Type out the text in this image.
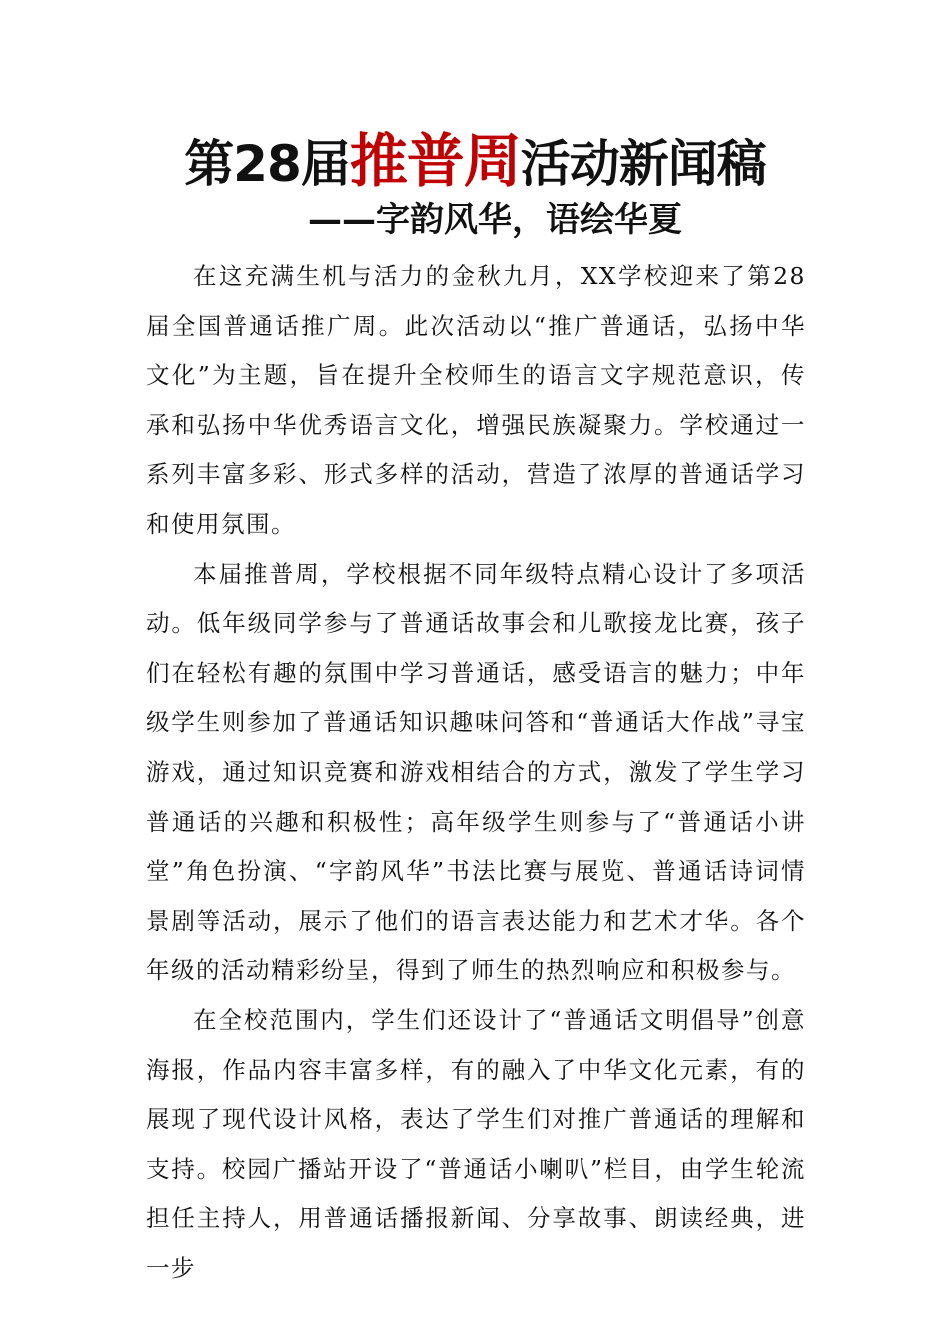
第28届推普周活动新闻稿
——字韵风华，语绘华夏

在这充满生机与活力的金秋九月，XX学校迎来了第28届全国普通话推广周。此次活动以“推广普通话，弘扬中华文化”为主题，旨在提升全校师生的语言文字规范意识，传承和弘扬中华优秀语言文化，增强民族凝聚力。学校通过一系列丰富多彩、形式多样的活动，营造了浓厚的普通话学习和使用氛围。

本届推普周，学校根据不同年级特点精心设计了多项活动。低年级同学参与了普通话故事会和儿歌接龙比赛，孩子们在轻松有趣的氛围中学习普通话，感受语言的魅力；中年级学生则参加了普通话知识趣味问答和“普通话大作战”寻宝游戏，通过知识竞赛和游戏相结合的方式，激发了学生学习普通话的兴趣和积极性；高年级学生则参与了“普通话小讲堂”角色扮演、“字韵风华”书法比赛与展览、普通话诗词情景剧等活动，展示了他们的语言表达能力和艺术才华。各个年级的活动精彩纷呈，得到了师生的热烈响应和积极参与。

在全校范围内，学生们还设计了“普通话文明倡导”创意海报，作品内容丰富多样，有的融入了中华文化元素，有的展现了现代设计风格，表达了学生们对推广普通话的理解和支持。校园广播站开设了“普通话小喇叭”栏目，由学生轮流担任主持人，用普通话播报新闻、分享故事、朗读经典，进一步
